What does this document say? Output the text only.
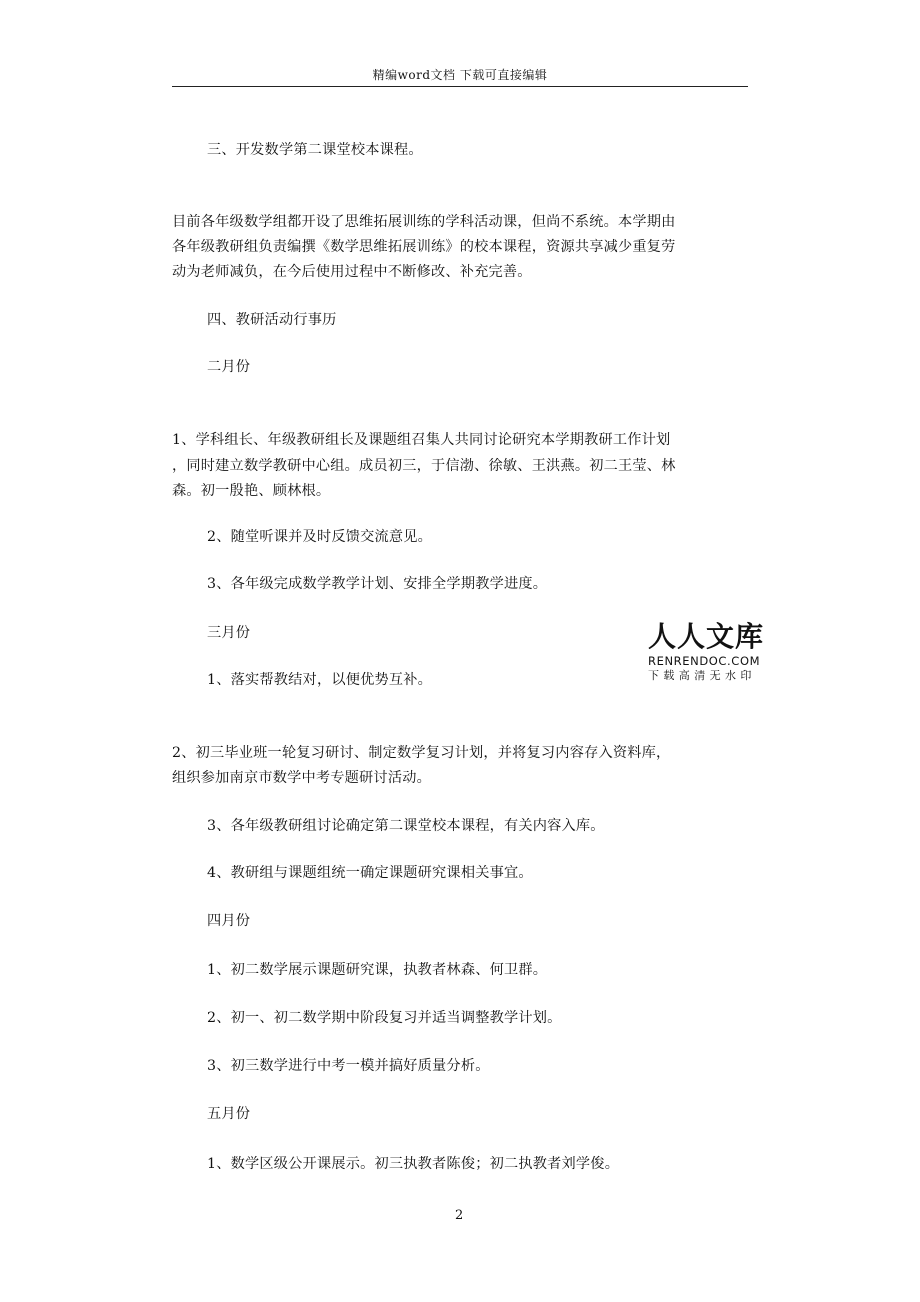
精编word文档 下载可直接编辑
三、开发数学第二课堂校本课程。
目前各年级数学组都开设了思维拓展训练的学科活动课，但尚不系统。本学期由
各年级教研组负责编撰《数学思维拓展训练》的校本课程，资源共享减少重复劳
动为老师减负，在今后使用过程中不断修改、补充完善。
四、教研活动行事历
二月份
1、学科组长、年级教研组长及课题组召集人共同讨论研究本学期教研工作计划
，同时建立数学教研中心组。成员初三，于信渤、徐敏、王洪燕。初二王莹、林
森。初一殷艳、顾林根。
2、随堂听课并及时反馈交流意见。
3、各年级完成数学教学计划、安排全学期教学进度。
三月份
1、落实帮教结对，以便优势互补。
2、初三毕业班一轮复习研讨、制定数学复习计划，并将复习内容存入资料库，
组织参加南京市数学中考专题研讨活动。
3、各年级教研组讨论确定第二课堂校本课程，有关内容入库。
4、教研组与课题组统一确定课题研究课相关事宜。
四月份
1、初二数学展示课题研究课，执教者林森、何卫群。
2、初一、初二数学期中阶段复习并适当调整教学计划。
3、初三数学进行中考一模并搞好质量分析。
五月份
1、数学区级公开课展示。初三执教者陈俊；初二执教者刘学俊。
人人文库
RENRENDOC.COM
下载高清无水印
2
